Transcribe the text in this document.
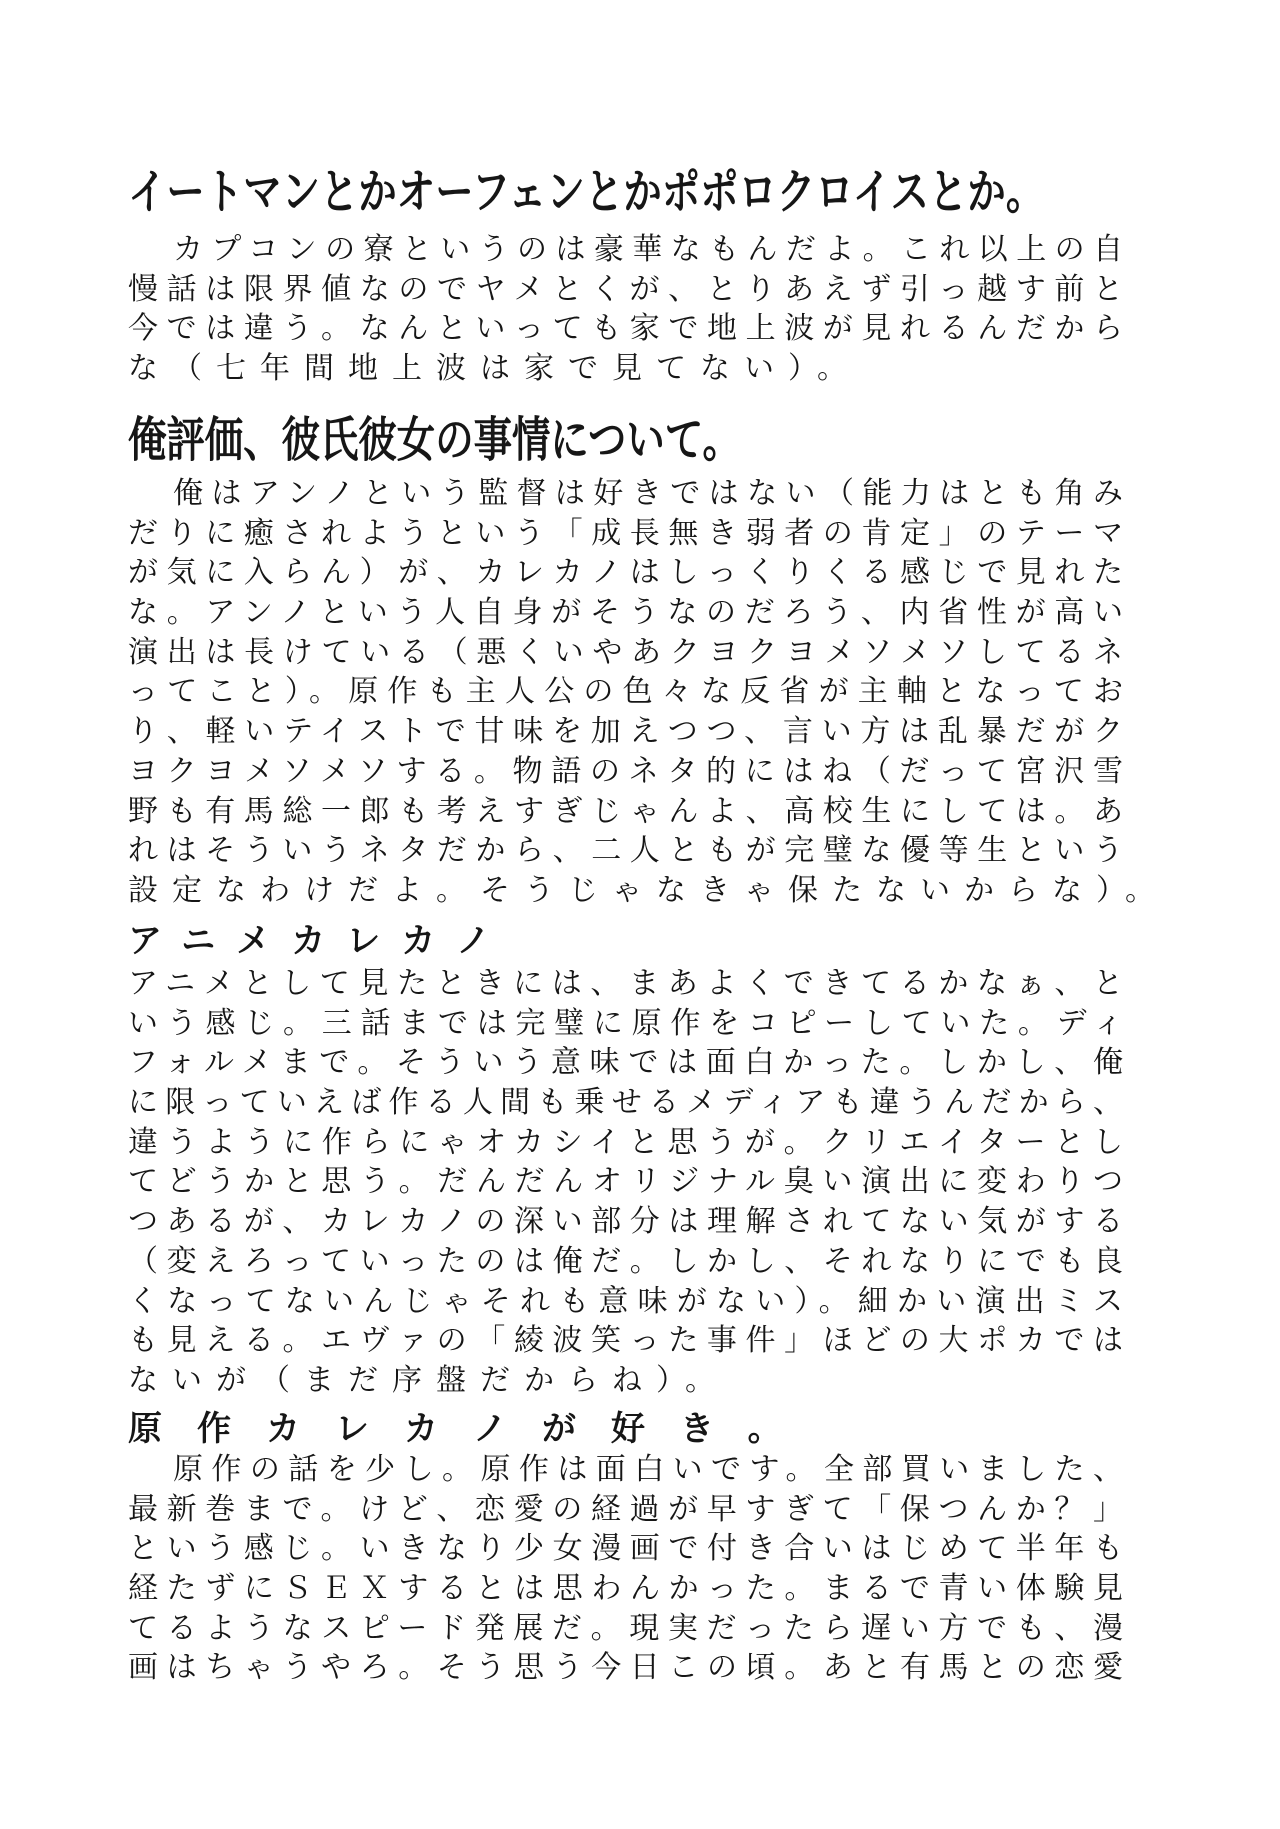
イートマンとかオーフェンとかポポロクロイスとか。
カプコンの寮というのは豪華なもんだよ。これ以上の自
慢話は限界値なのでヤメとくが、とりあえず引っ越す前と
今では違う。なんといっても家で地上波が見れるんだから
な（七年間地上波は家で見てない）。
俺評価、彼氏彼女の事情について。
俺はアンノという監督は好きではない（能力はとも角み
だりに癒されようという「成長無き弱者の肯定」のテーマ
が気に入らん）が、カレカノはしっくりくる感じで見れた
な。アンノという人自身がそうなのだろう、内省性が高い
演出は長けている（悪くいやあクヨクヨメソメソしてるネ
ってこと）。原作も主人公の色々な反省が主軸となってお
り、軽いテイストで甘味を加えつつ、言い方は乱暴だがク
ヨクヨメソメソする。物語のネタ的にはね（だって宮沢雪
野も有馬総一郎も考えすぎじゃんよ、高校生にしては。あ
れはそういうネタだから、二人ともが完璧な優等生という
設定なわけだよ。そうじゃなきゃ保たないからな）。
アニメカレカノ
アニメとして見たときには、まあよくできてるかなぁ、と
いう感じ。三話までは完璧に原作をコピーしていた。ディ
フォルメまで。そういう意味では面白かった。しかし、俺
に限っていえば作る人間も乗せるメディアも違うんだから、
違うように作らにゃオカシイと思うが。クリエイターとし
てどうかと思う。だんだんオリジナル臭い演出に変わりつ
つあるが、カレカノの深い部分は理解されてない気がする
（変えろっていったのは俺だ。しかし、それなりにでも良
くなってないんじゃそれも意味がない）。細かい演出ミス
も見える。エヴァの「綾波笑った事件」ほどの大ポカでは
ないが（まだ序盤だからね）。
原作カレカノが好き。
原作の話を少し。原作は面白いです。全部買いました、
最新巻まで。けど、恋愛の経過が早すぎて「保つんか？」
という感じ。いきなり少女漫画で付き合いはじめて半年も
経たずにＳＥＸするとは思わんかった。まるで青い体験見
てるようなスピード発展だ。現実だったら遅い方でも、漫
画はちゃうやろ。そう思う今日この頃。あと有馬との恋愛
